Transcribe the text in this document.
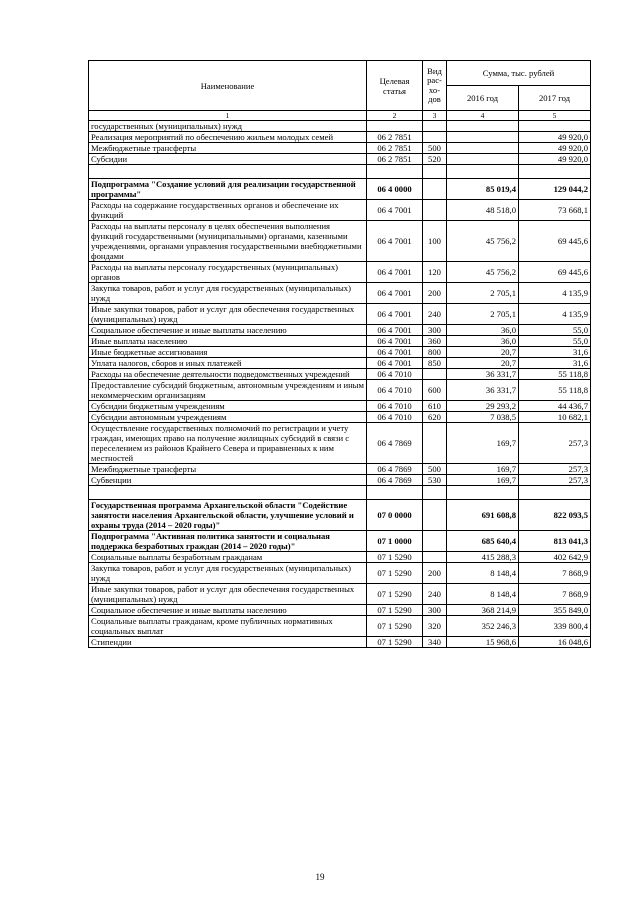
Наименование	Целевая статья	Вид рас-хо-дов	Сумма, тыс. рублей	
			2016 год	2017 год
1	2	3	4	5
государственных (муниципальных) нужд				
Реализация мероприятий по обеспечению жильем молодых семей	06 2 7851			49 920,0
Межбюджетные трансферты	06 2 7851	500		49 920,0
Субсидии	06 2 7851	520		49 920,0

Подпрограмма "Создание условий для реализации государственной программы"	06 4 0000		85 019,4	129 044,2
Расходы на содержание государственных органов и обеспечение их функций	06 4 7001		48 518,0	73 668,1
Расходы на выплаты персоналу в целях обеспечения выполнения функций государственными (муниципальными) органами, казенными учреждениями, органами управления государственными внебюджетными фондами	06 4 7001	100	45 756,2	69 445,6
Расходы на выплаты персоналу государственных (муниципальных) органов	06 4 7001	120	45 756,2	69 445,6
Закупка товаров, работ и услуг для государственных (муниципальных) нужд	06 4 7001	200	2 705,1	4 135,9
Иные закупки товаров, работ и услуг для обеспечения государственных (муниципальных) нужд	06 4 7001	240	2 705,1	4 135,9
Социальное обеспечение и иные выплаты населению	06 4 7001	300	36,0	55,0
Иные выплаты населению	06 4 7001	360	36,0	55,0
Иные бюджетные ассигнования	06 4 7001	800	20,7	31,6
Уплата налогов, сборов и иных платежей	06 4 7001	850	20,7	31,6
Расходы на обеспечение деятельности подведомственных учреждений	06 4 7010		36 331,7	55 118,8
Предоставление субсидий бюджетным, автономным учреждениям и иным некоммерческим организациям	06 4 7010	600	36 331,7	55 118,8
Субсидии бюджетным учреждениям	06 4 7010	610	29 293,2	44 436,7
Субсидии автономным учреждениям	06 4 7010	620	7 038,5	10 682,1
Осуществление государственных полномочий по регистрации и учету граждан, имеющих право на получение жилищных субсидий в связи с переселением из районов Крайнего Севера и приравненных к ним местностей	06 4 7869		169,7	257,3
Межбюджетные трансферты	06 4 7869	500	169,7	257,3
Субвенции	06 4 7869	530	169,7	257,3

Государственная программа Архангельской области "Содействие занятости населения Архангельской области, улучшение условий и охраны труда (2014 – 2020 годы)"	07 0 0000		691 608,8	822 093,5
Подпрограмма "Активная политика занятости и социальная поддержка безработных граждан (2014 – 2020 годы)"	07 1 0000		685 640,4	813 041,3
Социальные выплаты безработным гражданам	07 1 5290		415 288,3	402 642,9
Закупка товаров, работ и услуг для государственных (муниципальных) нужд	07 1 5290	200	8 148,4	7 868,9
Иные закупки товаров, работ и услуг для обеспечения государственных (муниципальных) нужд	07 1 5290	240	8 148,4	7 868,9
Социальное обеспечение и иные выплаты населению	07 1 5290	300	368 214,9	355 849,0
Социальные выплаты гражданам, кроме публичных нормативных социальных выплат	07 1 5290	320	352 246,3	339 800,4
Стипендии	07 1 5290	340	15 968,6	16 048,6
19
